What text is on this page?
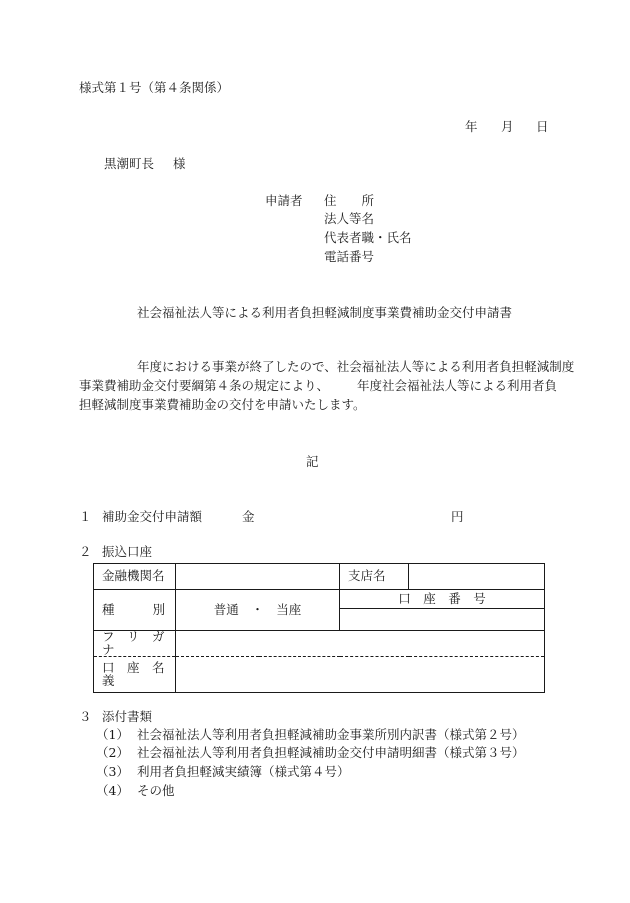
様式第１号（第４条関係）
年 月 日
黒潮町長 様
申請者 住　　所
法人等名
代表者職・氏名
電話番号
社会福祉法人等による利用者負担軽減制度事業費補助金交付申請書
年度における事業が終了したので、社会福祉法人等による利用者負担軽減制度
事業費補助金交付要綱第４条の規定により、 年度社会福祉法人等による利用者負
担軽減制度事業費補助金の交付を申請いたします。
記
１ 補助金交付申請額	金	円
２ 振込口座
金融機関名		支店名	

種 別	普通　・　当座	口　座　番　号	

フ　リ　ガ　ナ			
口　座　名　義			
３ 添付書類
（1） 社会福祉法人等利用者負担軽減補助金事業所別内訳書（様式第２号）
（2） 社会福祉法人等利用者負担軽減補助金交付申請明細書（様式第３号）
（3） 利用者負担軽減実績簿（様式第４号）
（4） その他
